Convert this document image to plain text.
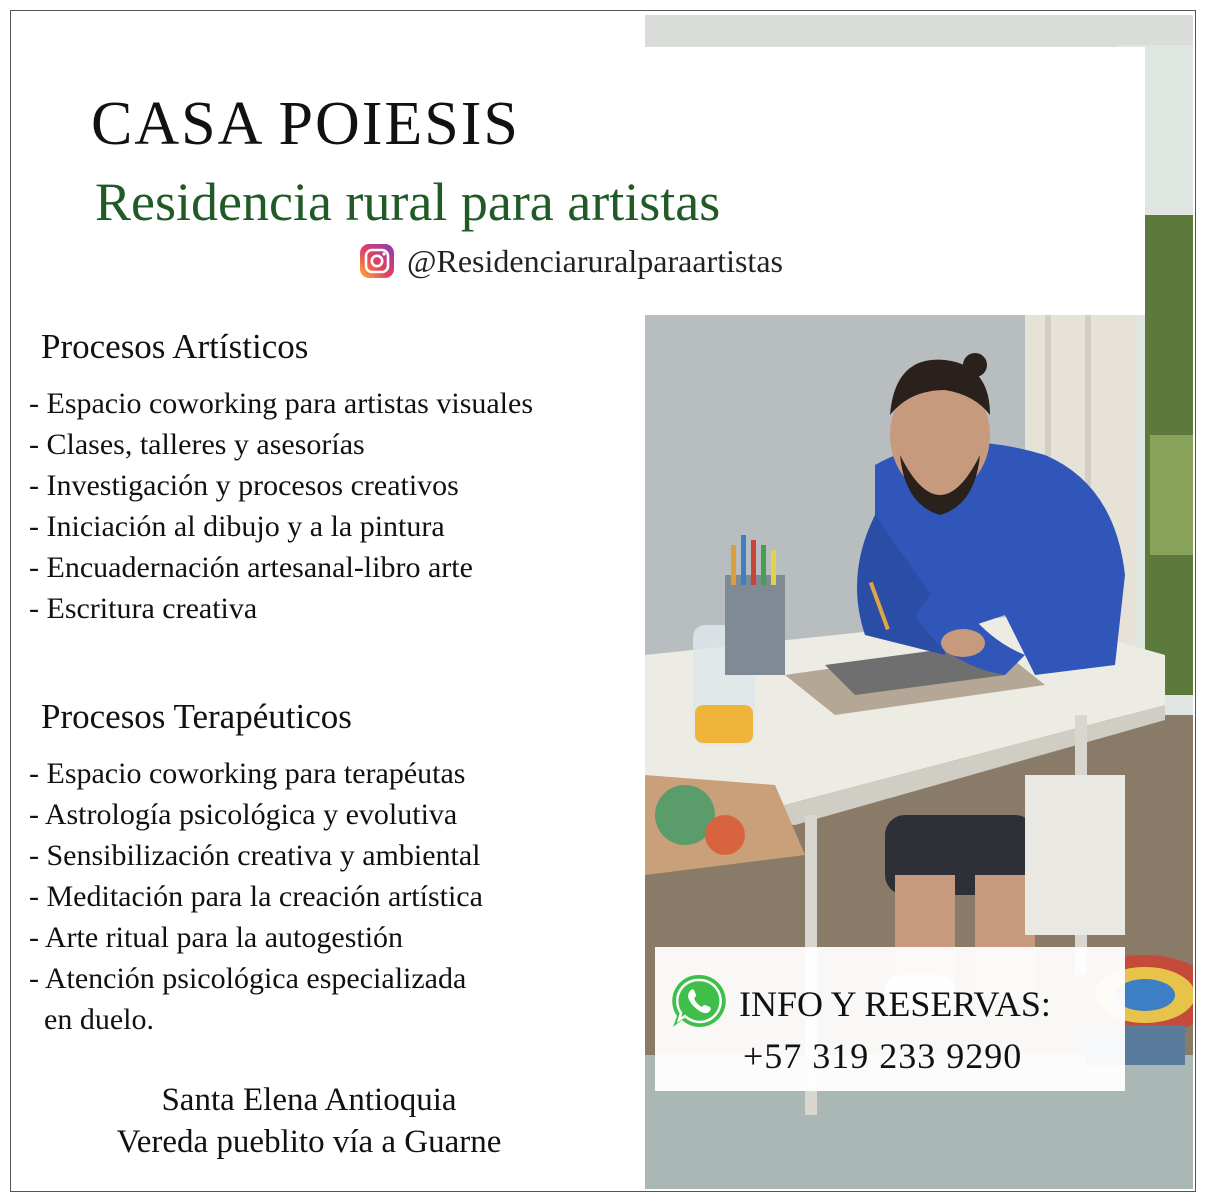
CASA POIESIS
Residencia rural para artistas
@Residenciaruralparaartistas
Procesos Artísticos
- Espacio coworking para artistas visuales
- Clases, talleres y asesorías
- Investigación y procesos creativos
- Iniciación al dibujo y a la pintura
- Encuadernación artesanal-libro arte
- Escritura creativa
Procesos Terapéuticos
- Espacio coworking para terapéutas
- Astrología psicológica y evolutiva
- Sensibilización creativa y ambiental
- Meditación para la creación artística
- Arte ritual para la autogestión
- Atención psicológica especializada
en duelo.
Santa Elena Antioquia
Vereda pueblito vía a Guarne
INFO Y RESERVAS:
+57 319 233 9290
